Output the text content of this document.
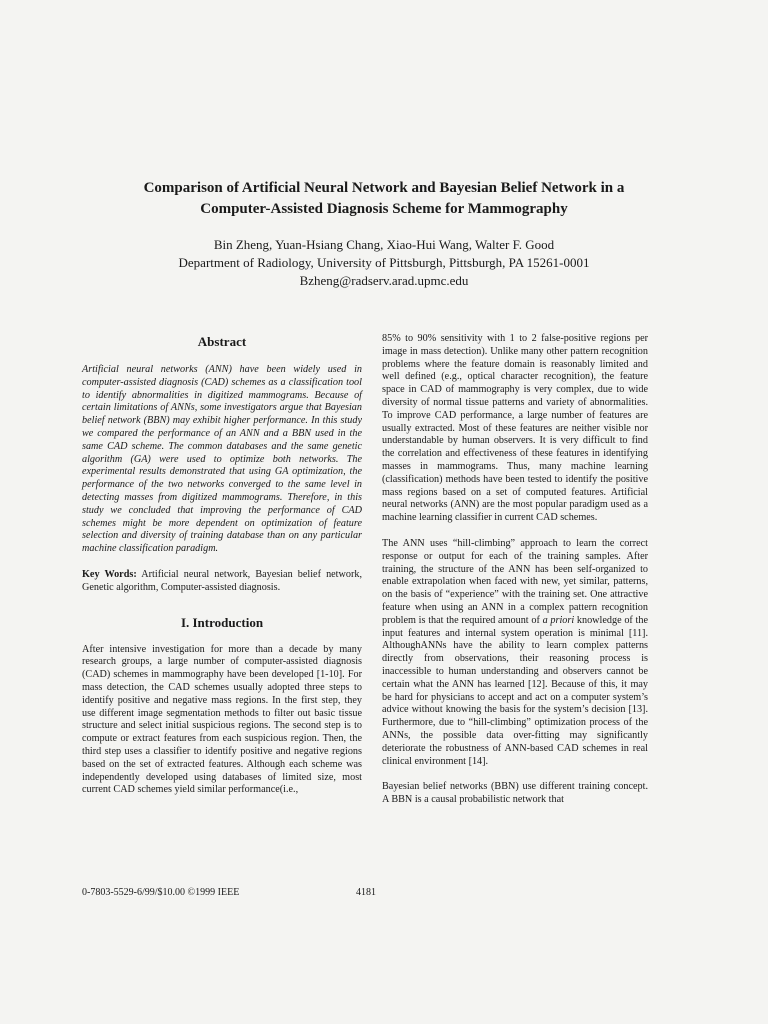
Comparison of Artificial Neural Network and Bayesian Belief Network in a
Computer-Assisted Diagnosis Scheme for Mammography
Bin Zheng, Yuan-Hsiang Chang, Xiao-Hui Wang, Walter F. Good
Department of Radiology, University of Pittsburgh, Pittsburgh, PA 15261-0001
Bzheng@radserv.arad.upmc.edu

Abstract

Artificial neural networks (ANN) have been widely used in computer-assisted diagnosis (CAD) schemes as a classification tool to identify abnormalities in digitized mammograms. Because of certain limitations of ANNs, some investigators argue that Bayesian belief network (BBN) may exhibit higher performance. In this study we compared the performance of an ANN and a BBN used in the same CAD scheme. The common databases and the same genetic algorithm (GA) were used to optimize both networks. The experimental results demonstrated that using GA optimization, the performance of the two networks converged to the same level in detecting masses from digitized mammograms. Therefore, in this study we concluded that improving the performance of CAD schemes might be more dependent on optimization of feature selection and diversity of training database than on any particular machine classification paradigm.

Key Words: Artificial neural network, Bayesian belief network, Genetic algorithm, Computer-assisted diagnosis.

I. Introduction

After intensive investigation for more than a decade by many research groups, a large number of computer-assisted diagnosis (CAD) schemes in mammography have been developed [1-10]. For mass detection, the CAD schemes usually adopted three steps to identify positive and negative mass regions. In the first step, they use different image segmentation methods to filter out basic tissue structure and select initial suspicious regions. The second step is to compute or extract features from each suspicious region. Then, the third step uses a classifier to identify positive and negative regions based on the set of extracted features. Although each scheme was independently developed using databases of limited size, most current CAD schemes yield similar performance(i.e.,

85% to 90% sensitivity with 1 to 2 false-positive regions per image in mass detection). Unlike many other pattern recognition problems where the feature domain is reasonably limited and well defined (e.g., optical character recognition), the feature space in CAD of mammography is very complex, due to wide diversity of normal tissue patterns and variety of abnormalities. To improve CAD performance, a large number of features are usually extracted. Most of these features are neither visible nor understandable by human observers. It is very difficult to find the correlation and effectiveness of these features in identifying masses in mammograms. Thus, many machine learning (classification) methods have been tested to identify the positive mass regions based on a set of computed features. Artificial neural networks (ANN) are the most popular paradigm used as a machine learning classifier in current CAD schemes.

The ANN uses “hill-climbing” approach to learn the correct response or output for each of the training samples. After training, the structure of the ANN has been self-organized to enable extrapolation when faced with new, yet similar, patterns, on the basis of “experience” with the training set. One attractive feature when using an ANN in a complex pattern recognition problem is that the required amount of a priori knowledge of the input features and internal system operation is minimal [11]. AlthoughANNs have the ability to learn complex patterns directly from observations, their reasoning process is inaccessible to human understanding and observers cannot be certain what the ANN has learned [12]. Because of this, it may be hard for physicians to accept and act on a computer system’s advice without knowing the basis for the system’s decision [13]. Furthermore, due to “hill-climbing” optimization process of the ANNs, the possible data over-fitting may significantly deteriorate the robustness of ANN-based CAD schemes in real clinical environment [14].

Bayesian belief networks (BBN) use different training concept. A BBN is a causal probabilistic network that

0-7803-5529-6/99/$10.00 ©1999 IEEE	4181
